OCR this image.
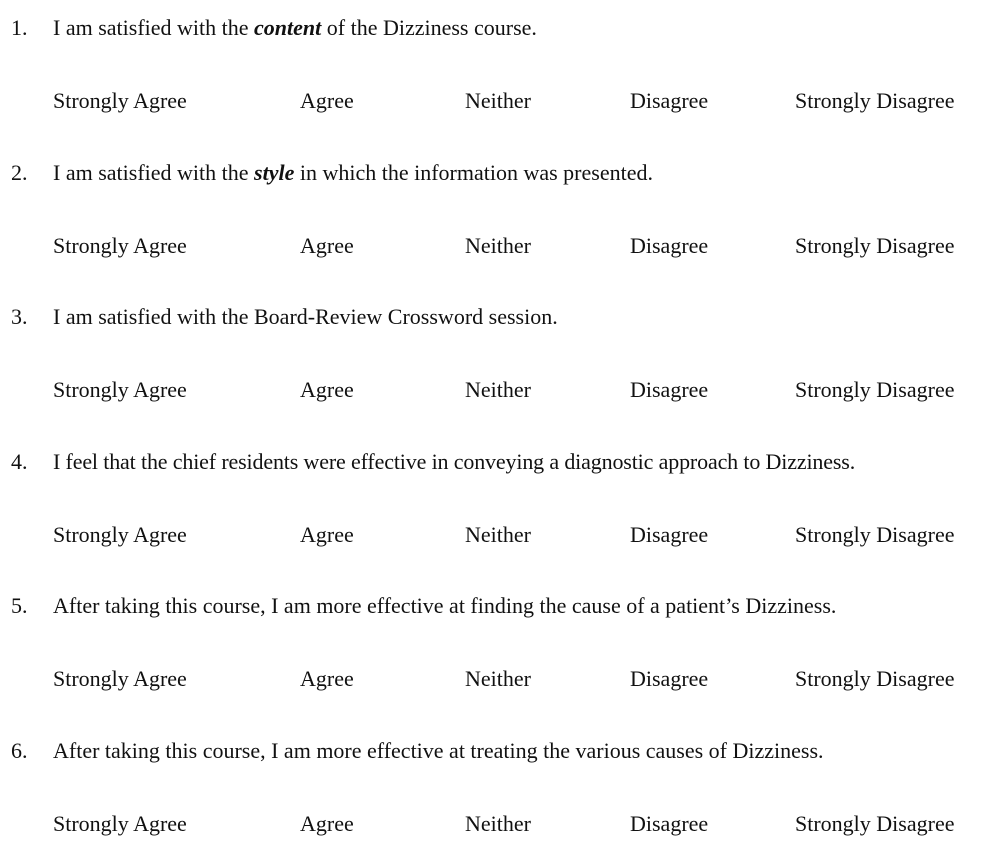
1. I am satisfied with the content of the Dizziness course.
Strongly Agree	Agree	Neither	Disagree	Strongly Disagree
2. I am satisfied with the style in which the information was presented.
Strongly Agree	Agree	Neither	Disagree	Strongly Disagree
3. I am satisfied with the Board-Review Crossword session.
Strongly Agree	Agree	Neither	Disagree	Strongly Disagree
4. I feel that the chief residents were effective in conveying a diagnostic approach to Dizziness.
Strongly Agree	Agree	Neither	Disagree	Strongly Disagree
5. After taking this course, I am more effective at finding the cause of a patient’s Dizziness.
Strongly Agree	Agree	Neither	Disagree	Strongly Disagree
6. After taking this course, I am more effective at treating the various causes of Dizziness.
Strongly Agree	Agree	Neither	Disagree	Strongly Disagree
